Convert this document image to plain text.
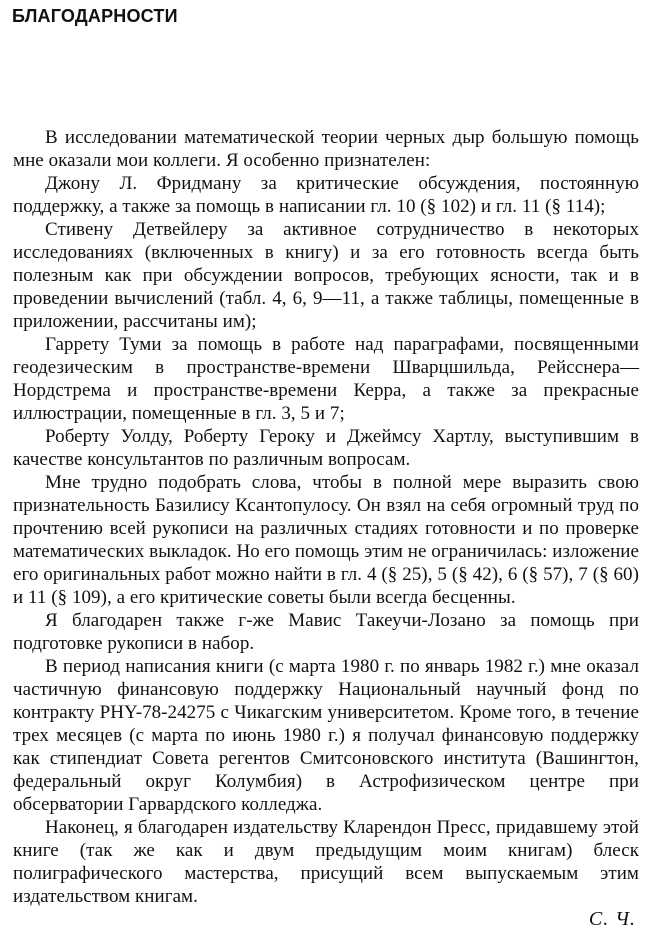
БЛАГОДАРНОСТИ

В исследовании математической теории черных дыр большую помощь мне оказали мои коллеги. Я особенно признателен:

Джону Л. Фридману за критические обсуждения, постоянную поддержку, а также за помощь в написании гл. 10 (§ 102) и гл. 11 (§ 114);

Стивену Детвейлеру за активное сотрудничество в некоторых исследованиях (включенных в книгу) и за его готовность всегда быть полезным как при обсуждении вопросов, требующих ясности, так и в проведении вычислений (табл. 4, 6, 9—11, а также таблицы, помещенные в приложении, рассчитаны им);

Гаррету Туми за помощь в работе над параграфами, посвященными геодезическим в пространстве-времени Шварцшильда, Рейсснера—Нордстрема и пространстве-времени Керра, а также за прекрасные иллюстрации, помещенные в гл. 3, 5 и 7;

Роберту Уолду, Роберту Героку и Джеймсу Хартлу, выступившим в качестве консультантов по различным вопросам.

Мне трудно подобрать слова, чтобы в полной мере выразить свою признательность Базилису Ксантопулосу. Он взял на себя огромный труд по прочтению всей рукописи на различных стадиях готовности и по проверке математических выкладок. Но его помощь этим не ограничилась: изложение его оригинальных работ можно найти в гл. 4 (§ 25), 5 (§ 42), 6 (§ 57), 7 (§ 60) и 11 (§ 109), а его критические советы были всегда бесценны.

Я благодарен также г-же Мавис Такеучи-Лозано за помощь при подготовке рукописи в набор.

В период написания книги (с марта 1980 г. по январь 1982 г.) мне оказал частичную финансовую поддержку Национальный научный фонд по контракту PHY-78-24275 с Чикагским университетом. Кроме того, в течение трех месяцев (с марта по июнь 1980 г.) я получал финансовую поддержку как стипендиат Совета регентов Смитсоновского института (Вашингтон, федеральный округ Колумбия) в Астрофизическом центре при обсерватории Гарвардского колледжа.

Наконец, я благодарен издательству Кларендон Пресс, придавшему этой книге (так же как и двум предыдущим моим книгам) блеск полиграфического мастерства, присущий всем выпускаемым этим издательством книгам.

С. Ч.
